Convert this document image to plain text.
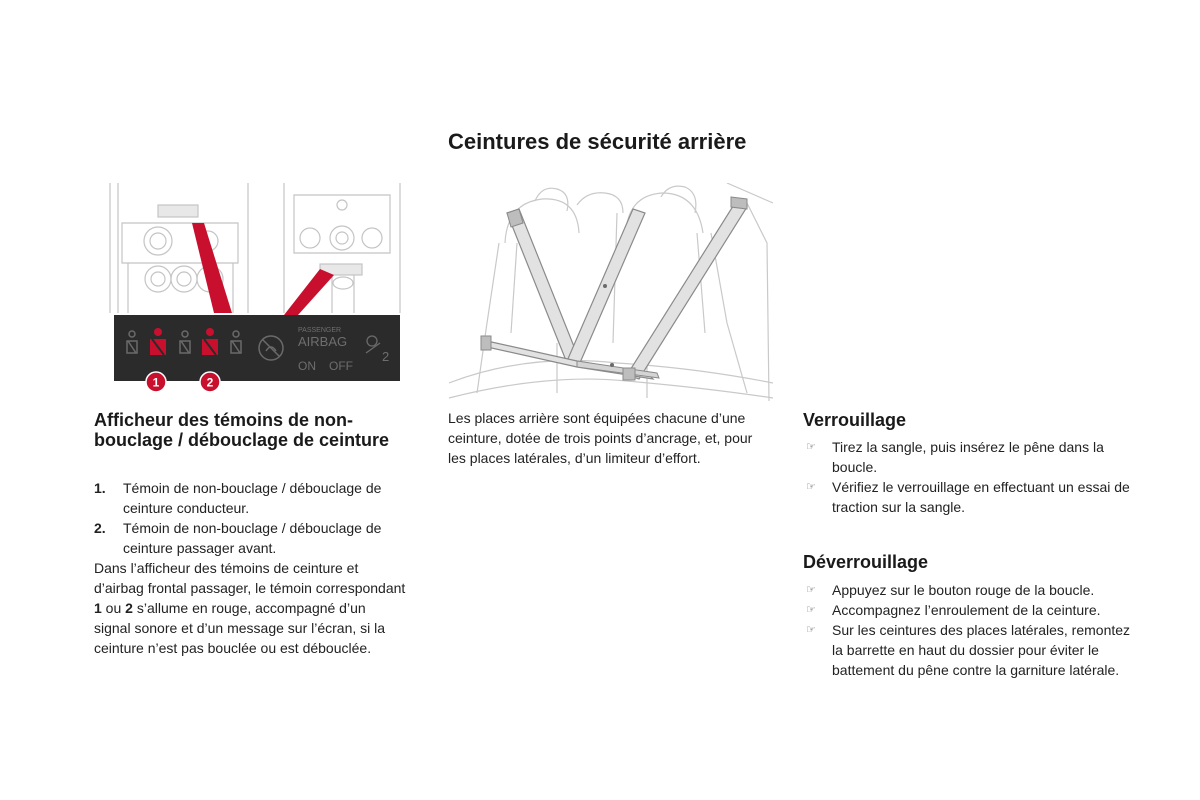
PASSENGER
AIRBAG
ON OFF
2
1	2
Afficheur des témoins de non-bouclage / débouclage de ceinture
1. Témoin de non-bouclage / débouclage de ceinture conducteur.
2. Témoin de non-bouclage / débouclage de ceinture passager avant.

Dans l’afficheur des témoins de ceinture et d’airbag frontal passager, le témoin correspondant 1 ou 2 s’allume en rouge, accompagné d’un signal sonore et d’un message sur l’écran, si la ceinture n’est pas bouclée ou est débouclée.

Ceintures de sécurité arrière

Les places arrière sont équipées chacune d’une ceinture, dotée de trois points d’ancrage, et, pour les places latérales, d’un limiteur d’effort.

Verrouillage
☞ Tirez la sangle, puis insérez le pêne dans la boucle.
☞ Vérifiez le verrouillage en effectuant un essai de traction sur la sangle.
Déverrouillage
☞ Appuyez sur le bouton rouge de la boucle.
☞ Accompagnez l’enroulement de la ceinture.
☞ Sur les ceintures des places latérales, remontez la barrette en haut du dossier pour éviter le battement du pêne contre la garniture latérale.
